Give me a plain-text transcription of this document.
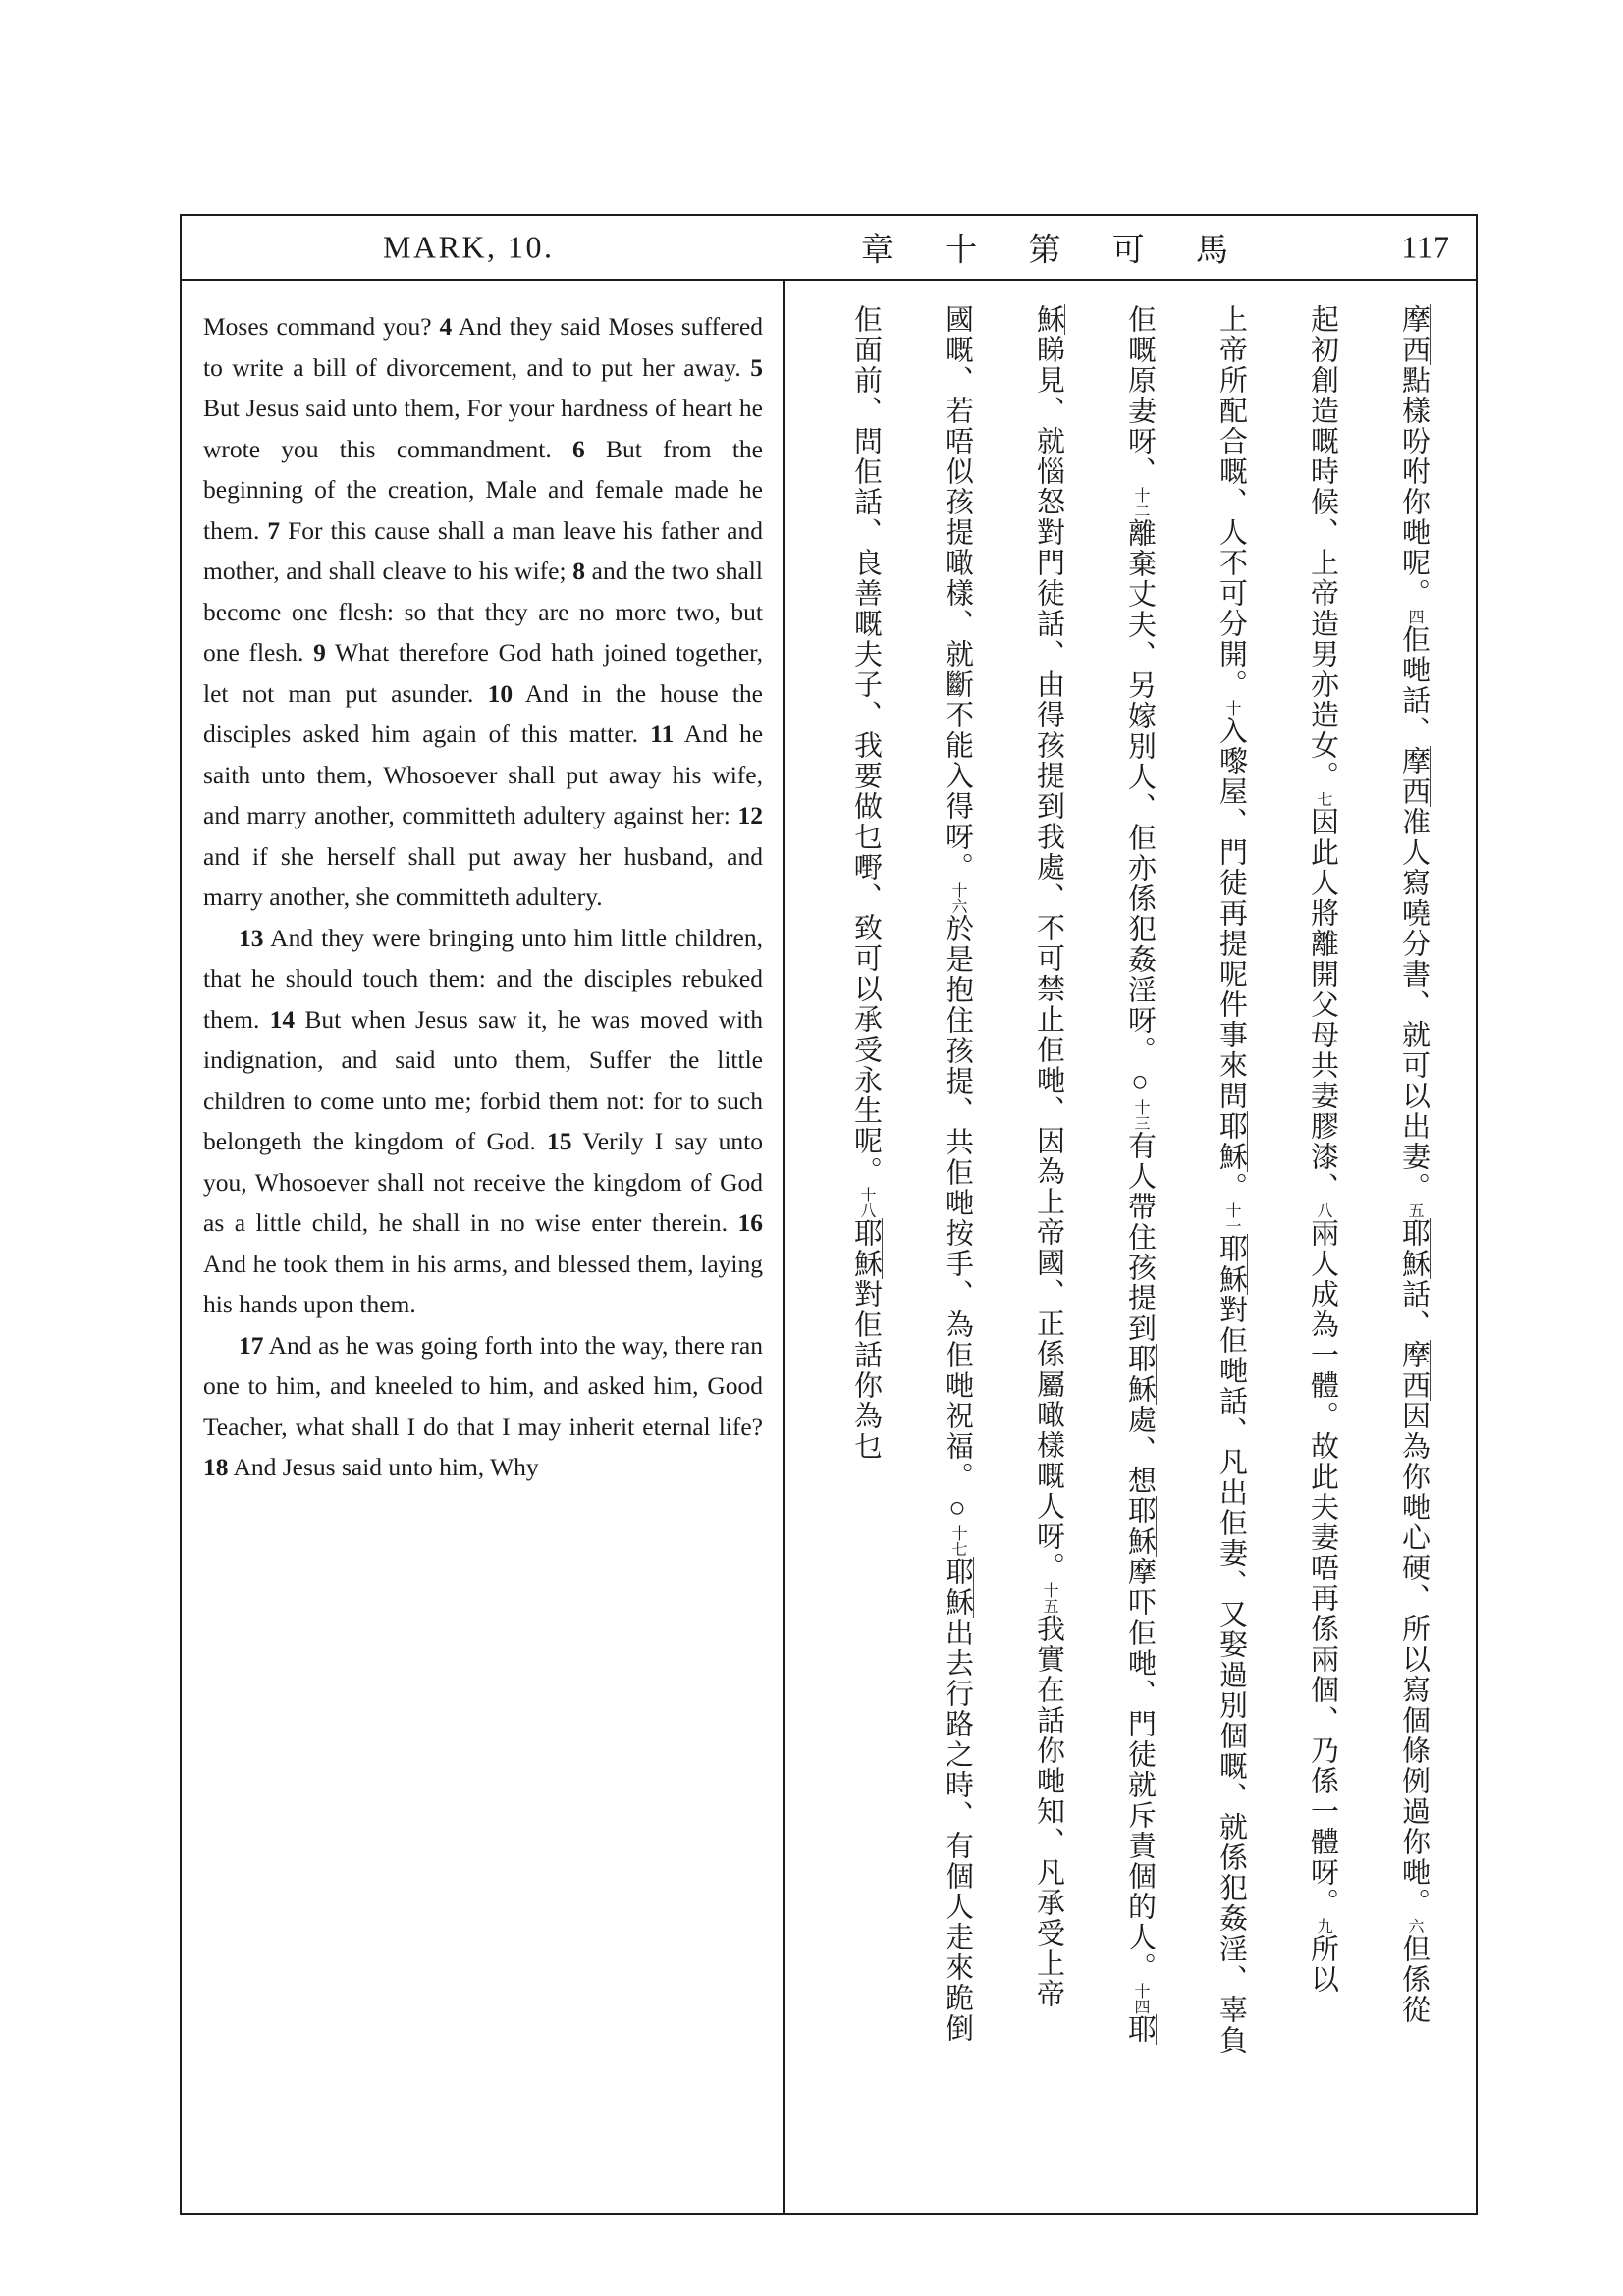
MARK, 10.	章 十 第 可 馬	117

Moses command you? 4 And they said Moses suffered to write a bill of divorcement, and to put her away. 5 But Jesus said unto them, For your hardness of heart he wrote you this commandment. 6 But from the beginning of the creation, Male and female made he them. 7 For this cause shall a man leave his father and mother, and shall cleave to his wife; 8 and the two shall become one flesh: so that they are no more two, but one flesh. 9 What therefore God hath joined together, let not man put asunder. 10 And in the house the disciples asked him again of this matter. 11 And he saith unto them, Whosoever shall put away his wife, and marry another, committeth adultery against her: 12 and if she herself shall put away her husband, and marry another, she committeth adultery.

13 And they were bringing unto him little children, that he should touch them: and the disciples rebuked them. 14 But when Jesus saw it, he was moved with indignation, and said unto them, Suffer the little children to come unto me; forbid them not: for to such belongeth the kingdom of God. 15 Verily I say unto you, Whosoever shall not receive the kingdom of God as a little child, he shall in no wise enter therein. 16 And he took them in his arms, and blessed them, laying his hands upon them.

17 And as he was going forth into the way, there ran one to him, and kneeled to him, and asked him, Good Teacher, what shall I do that I may inherit eternal life? 18 And Jesus said unto him, Why

摩西點樣吩咐你哋呢。四佢哋話、摩西准人寫嘵分書、就可以出妻。五耶穌話、摩西因為你哋心硬、所以寫個條例過你哋。六但係從
起初創造嘅時候、上帝造男亦造女。七因此人將離開父母共妻膠漆、八兩人成為一體。故此夫妻唔再係兩個、乃係一體呀。九所以
上帝所配合嘅、人不可分開。十入嚟屋、門徒再提呢件事來問耶穌。十一耶穌對佢哋話、凡出佢妻、又娶過別個嘅、就係犯姦淫、辜負
佢嘅原妻呀、十二離棄丈夫、另嫁別人、佢亦係犯姦淫呀。○十三有人帶住孩提到耶穌處、想耶穌摩吓佢哋、門徒就斥責個的人。十四耶
穌睇見、就惱怒對門徒話、由得孩提到我處、不可禁止佢哋、因為上帝國、正係屬噉樣嘅人呀。十五我實在話你哋知、凡承受上帝
國嘅、若唔似孩提噉樣、就斷不能入得呀。十六於是抱住孩提、共佢哋按手、為佢哋祝福。○十七耶穌出去行路之時、有個人走來跪倒
佢面前、問佢話、良善嘅夫子、我要做乜嘢、致可以承受永生呢。十八耶穌對佢話你為乜
